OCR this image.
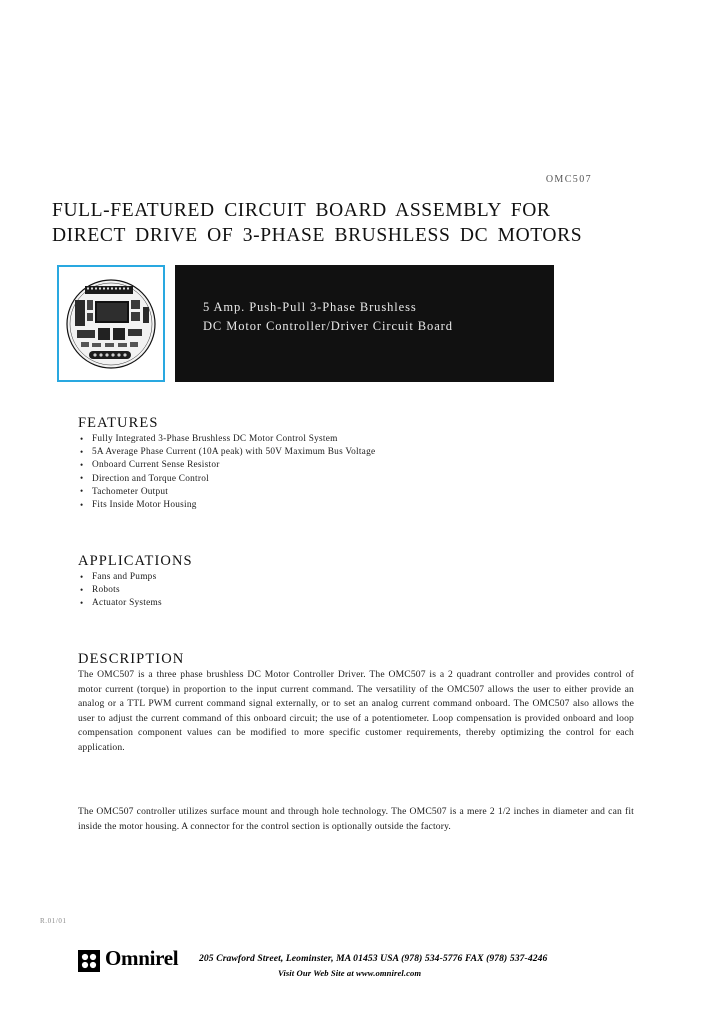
OMC507
FULL-FEATURED CIRCUIT BOARD ASSEMBLY FOR
DIRECT DRIVE OF 3-PHASE BRUSHLESS DC MOTORS
5 Amp. Push-Pull 3-Phase Brushless
DC Motor Controller/Driver Circuit Board
FEATURES
• Fully Integrated 3-Phase Brushless DC Motor Control System
• 5A Average Phase Current (10A peak) with 50V Maximum Bus Voltage
• Onboard Current Sense Resistor
• Direction and Torque Control
• Tachometer Output
• Fits Inside Motor Housing
APPLICATIONS
• Fans and Pumps
• Robots
• Actuator Systems
DESCRIPTION
The OMC507 is a three phase brushless DC Motor Controller Driver. The OMC507 is a 2 quadrant controller and provides control of motor current (torque) in proportion to the input current command. The versatility of the OMC507 allows the user to either provide an analog or a TTL PWM current command signal externally, or to set an analog current command onboard. The OMC507 also allows the user to adjust the current command of this onboard circuit; the use of a potentiometer. Loop compensation is provided onboard and loop compensation component values can be modified to more specific customer requirements, thereby optimizing the control for each application.
The OMC507 controller utilizes surface mount and through hole technology. The OMC507 is a mere 2 1/2 inches in diameter and can fit inside the motor housing. A connector for the control section is optionally outside the factory.
R.01/01
Omnirel 205 Crawford Street, Leominster, MA 01453 USA (978) 534-5776 FAX (978) 537-4246
Visit Our Web Site at www.omnirel.com
